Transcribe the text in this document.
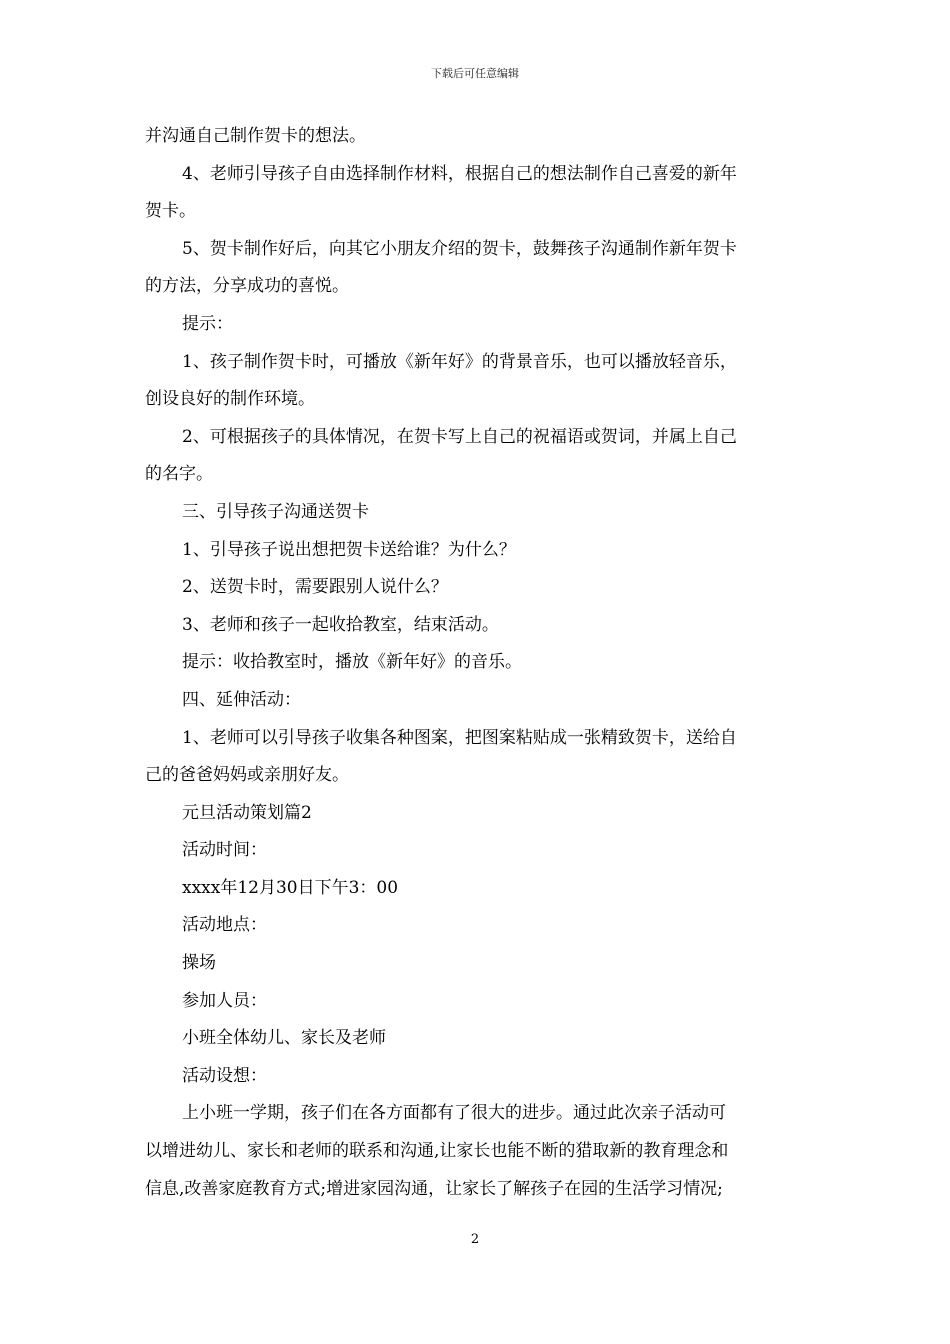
下载后可任意编辑
并沟通自己制作贺卡的想法。
4、老师引导孩子自由选择制作材料，根据自己的想法制作自己喜爱的新年
贺卡。
5、贺卡制作好后，向其它小朋友介绍的贺卡，鼓舞孩子沟通制作新年贺卡
的方法，分享成功的喜悦。
提示：
1、孩子制作贺卡时，可播放《新年好》的背景音乐，也可以播放轻音乐，
创设良好的制作环境。
2、可根据孩子的具体情况，在贺卡写上自己的祝福语或贺词，并属上自己
的名字。
三、引导孩子沟通送贺卡
1、引导孩子说出想把贺卡送给谁？为什么？
2、送贺卡时，需要跟别人说什么？
3、老师和孩子一起收拾教室，结束活动。
提示：收拾教室时，播放《新年好》的音乐。
四、延伸活动：
1、老师可以引导孩子收集各种图案，把图案粘贴成一张精致贺卡，送给自
己的爸爸妈妈或亲朋好友。
元旦活动策划篇2
活动时间：
xxxx年12月30日下午3：00
活动地点：
操场
参加人员：
小班全体幼儿、家长及老师
活动设想：
上小班一学期，孩子们在各方面都有了很大的进步。通过此次亲子活动可
以增进幼儿、家长和老师的联系和沟通,让家长也能不断的猎取新的教育理念和
信息,改善家庭教育方式;增进家园沟通，让家长了解孩子在园的生活学习情况;
2
